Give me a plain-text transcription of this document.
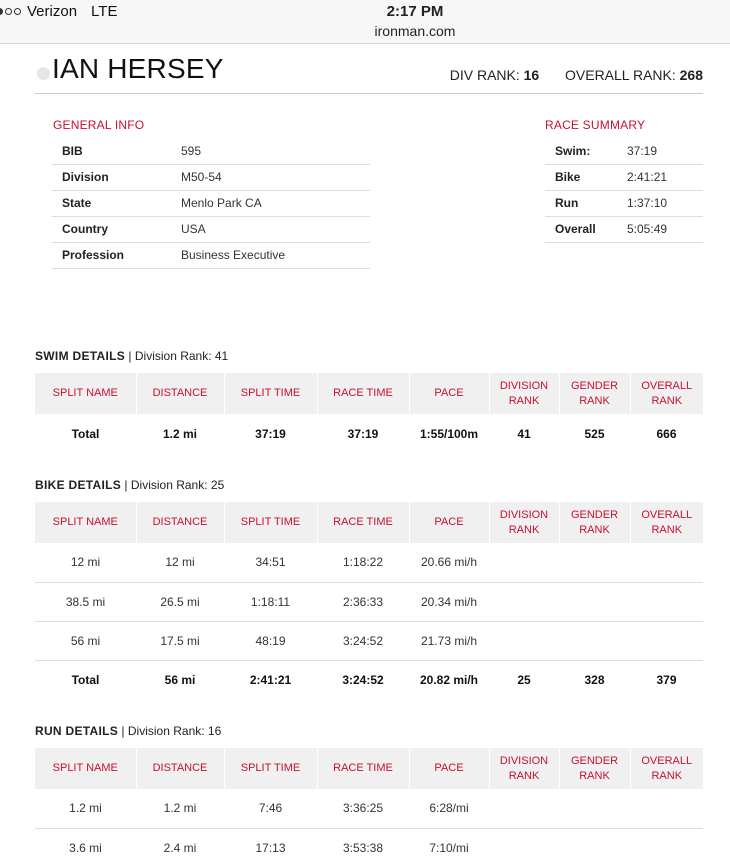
Verizon LTE	2:17 PM
ironman.com
IAN HERSEY	DIV RANK: 16 OVERALL RANK: 268
GENERAL INFO
BIB	595
Division	M50-54
State	Menlo Park CA
Country	USA
Profession	Business Executive
RACE SUMMARY
Swim:	37:19
Bike	2:41:21
Run	1:37:10
Overall	5:05:49
SWIM DETAILS | Division Rank: 41
SPLIT NAME	DISTANCE	SPLIT TIME	RACE TIME	PACE	DIVISION RANK	GENDER RANK	OVERALL RANK
Total	1.2 mi	37:19	37:19	1:55/100m	41	525	666
BIKE DETAILS | Division Rank: 25
SPLIT NAME	DISTANCE	SPLIT TIME	RACE TIME	PACE	DIVISION RANK	GENDER RANK	OVERALL RANK
12 mi	12 mi	34:51	1:18:22	20.66 mi/h			
38.5 mi	26.5 mi	1:18:11	2:36:33	20.34 mi/h			
56 mi	17.5 mi	48:19	3:24:52	21.73 mi/h			
Total	56 mi	2:41:21	3:24:52	20.82 mi/h	25	328	379
RUN DETAILS | Division Rank: 16
SPLIT NAME	DISTANCE	SPLIT TIME	RACE TIME	PACE	DIVISION RANK	GENDER RANK	OVERALL RANK
1.2 mi	1.2 mi	7:46	3:36:25	6:28/mi			
3.6 mi	2.4 mi	17:13	3:53:38	7:10/mi			
